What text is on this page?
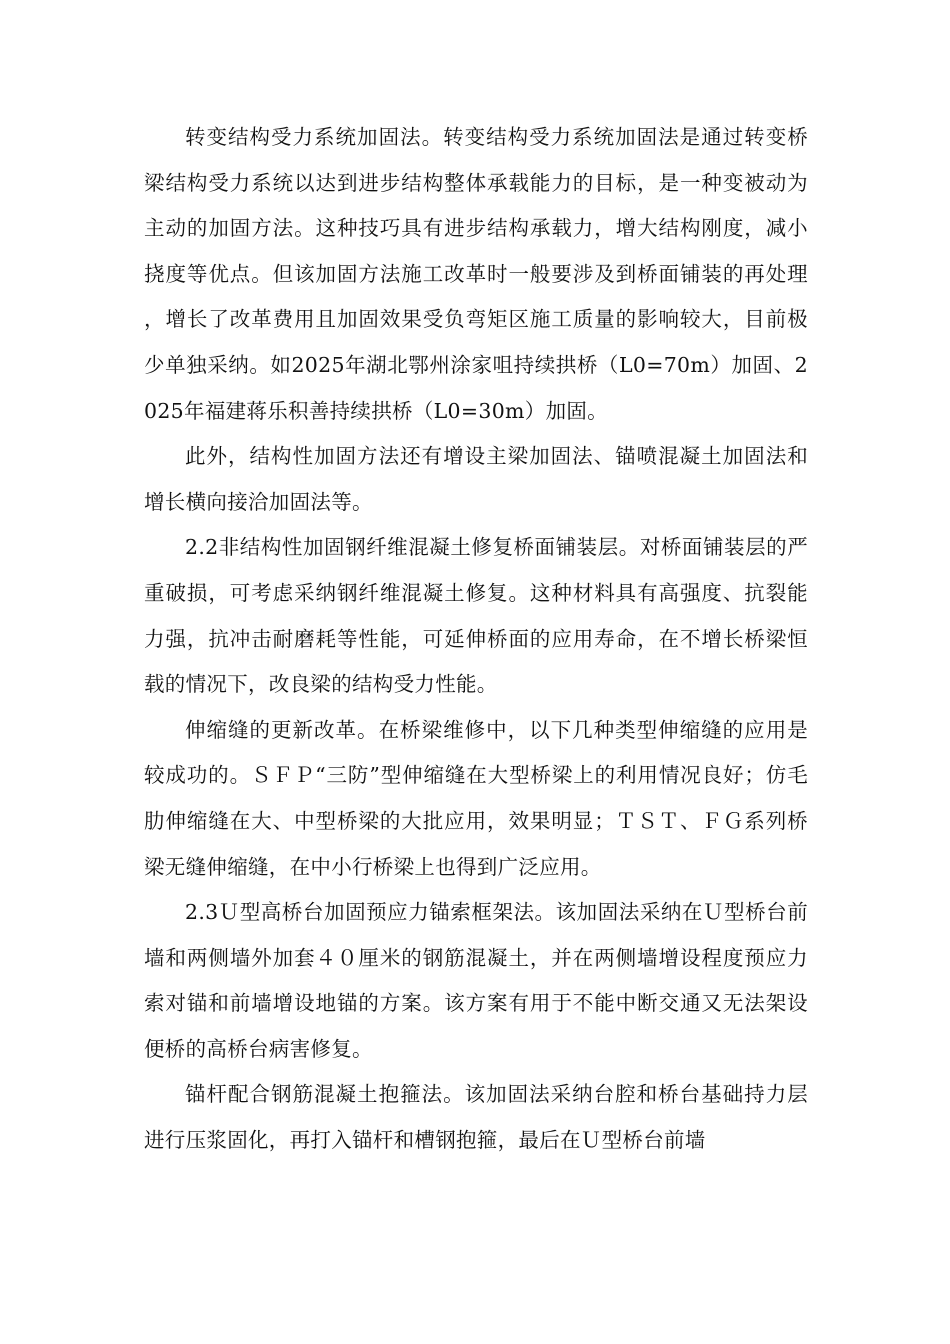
转变结构受力系统加固法。转变结构受力系统加固法是通过转变桥梁结构受力系统以达到进步结构整体承载能力的目标，是一种变被动为主动的加固方法。这种技巧具有进步结构承载力，增大结构刚度，减小挠度等优点。但该加固方法施工改革时一般要涉及到桥面铺装的再处理，增长了改革费用且加固效果受负弯矩区施工质量的影响较大，目前极少单独采纳。如2025年湖北鄂州涂家咀持续拱桥（L0=70m）加固、2025年福建蒋乐积善持续拱桥（L0=30m）加固。

此外，结构性加固方法还有增设主梁加固法、锚喷混凝土加固法和增长横向接洽加固法等。

2.2非结构性加固钢纤维混凝土修复桥面铺装层。对桥面铺装层的严重破损，可考虑采纳钢纤维混凝土修复。这种材料具有高强度、抗裂能力强，抗冲击耐磨耗等性能，可延伸桥面的应用寿命，在不增长桥梁恒载的情况下，改良梁的结构受力性能。

伸缩缝的更新改革。在桥梁维修中，以下几种类型伸缩缝的应用是较成功的。ＳＦＰ“三防”型伸缩缝在大型桥梁上的利用情况良好；仿毛肋伸缩缝在大、中型桥梁的大批应用，效果明显；ＴＳＴ、ＦＧ系列桥梁无缝伸缩缝，在中小行桥梁上也得到广泛应用。

2.3Ｕ型高桥台加固预应力锚索框架法。该加固法采纳在Ｕ型桥台前墙和两侧墙外加套４０厘米的钢筋混凝土，并在两侧墙增设程度预应力索对锚和前墙增设地锚的方案。该方案有用于不能中断交通又无法架设便桥的高桥台病害修复。

锚杆配合钢筋混凝土抱箍法。该加固法采纳台腔和桥台基础持力层进行压浆固化，再打入锚杆和槽钢抱箍，最后在Ｕ型桥台前墙
